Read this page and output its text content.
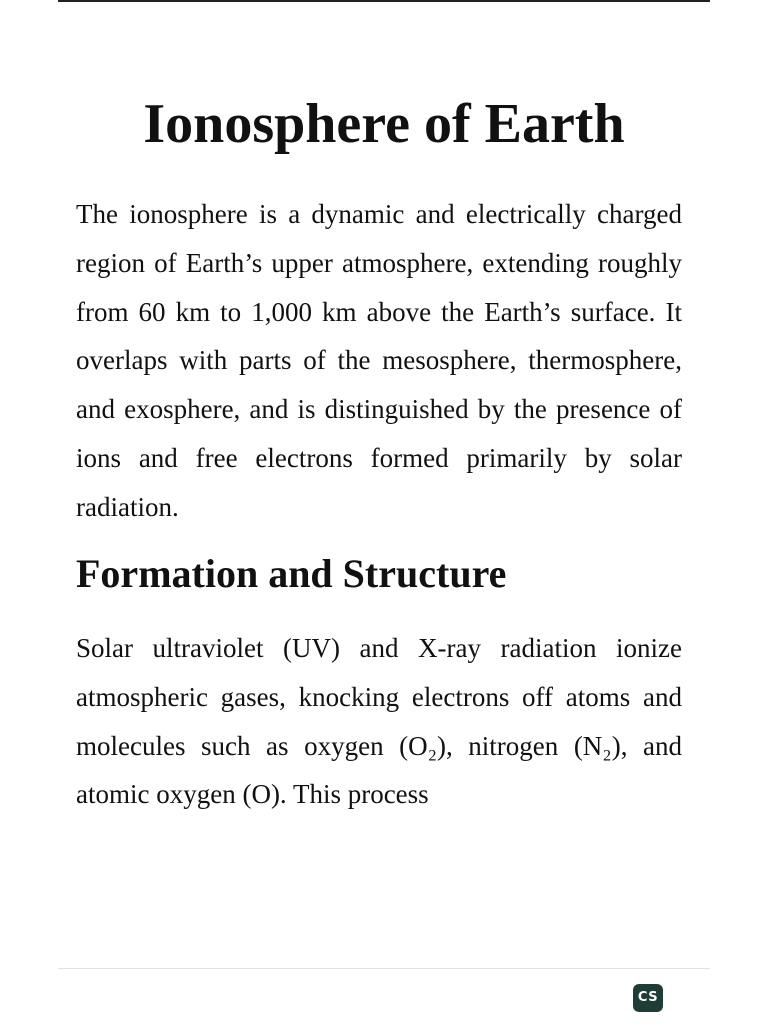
Ionosphere of Earth

The ionosphere is a dynamic and electrically charged region of Earth’s upper atmosphere, extending roughly from 60 km to 1,000 km above the Earth’s surface. It overlaps with parts of the mesosphere, thermosphere, and exosphere, and is distinguished by the presence of ions and free electrons formed primarily by solar radiation.

Formation and Structure

Solar ultraviolet (UV) and X-ray radiation ionize atmospheric gases, knocking electrons off atoms and molecules such as oxygen (O₂), nitrogen (N₂), and atomic oxygen (O). This process

CS
